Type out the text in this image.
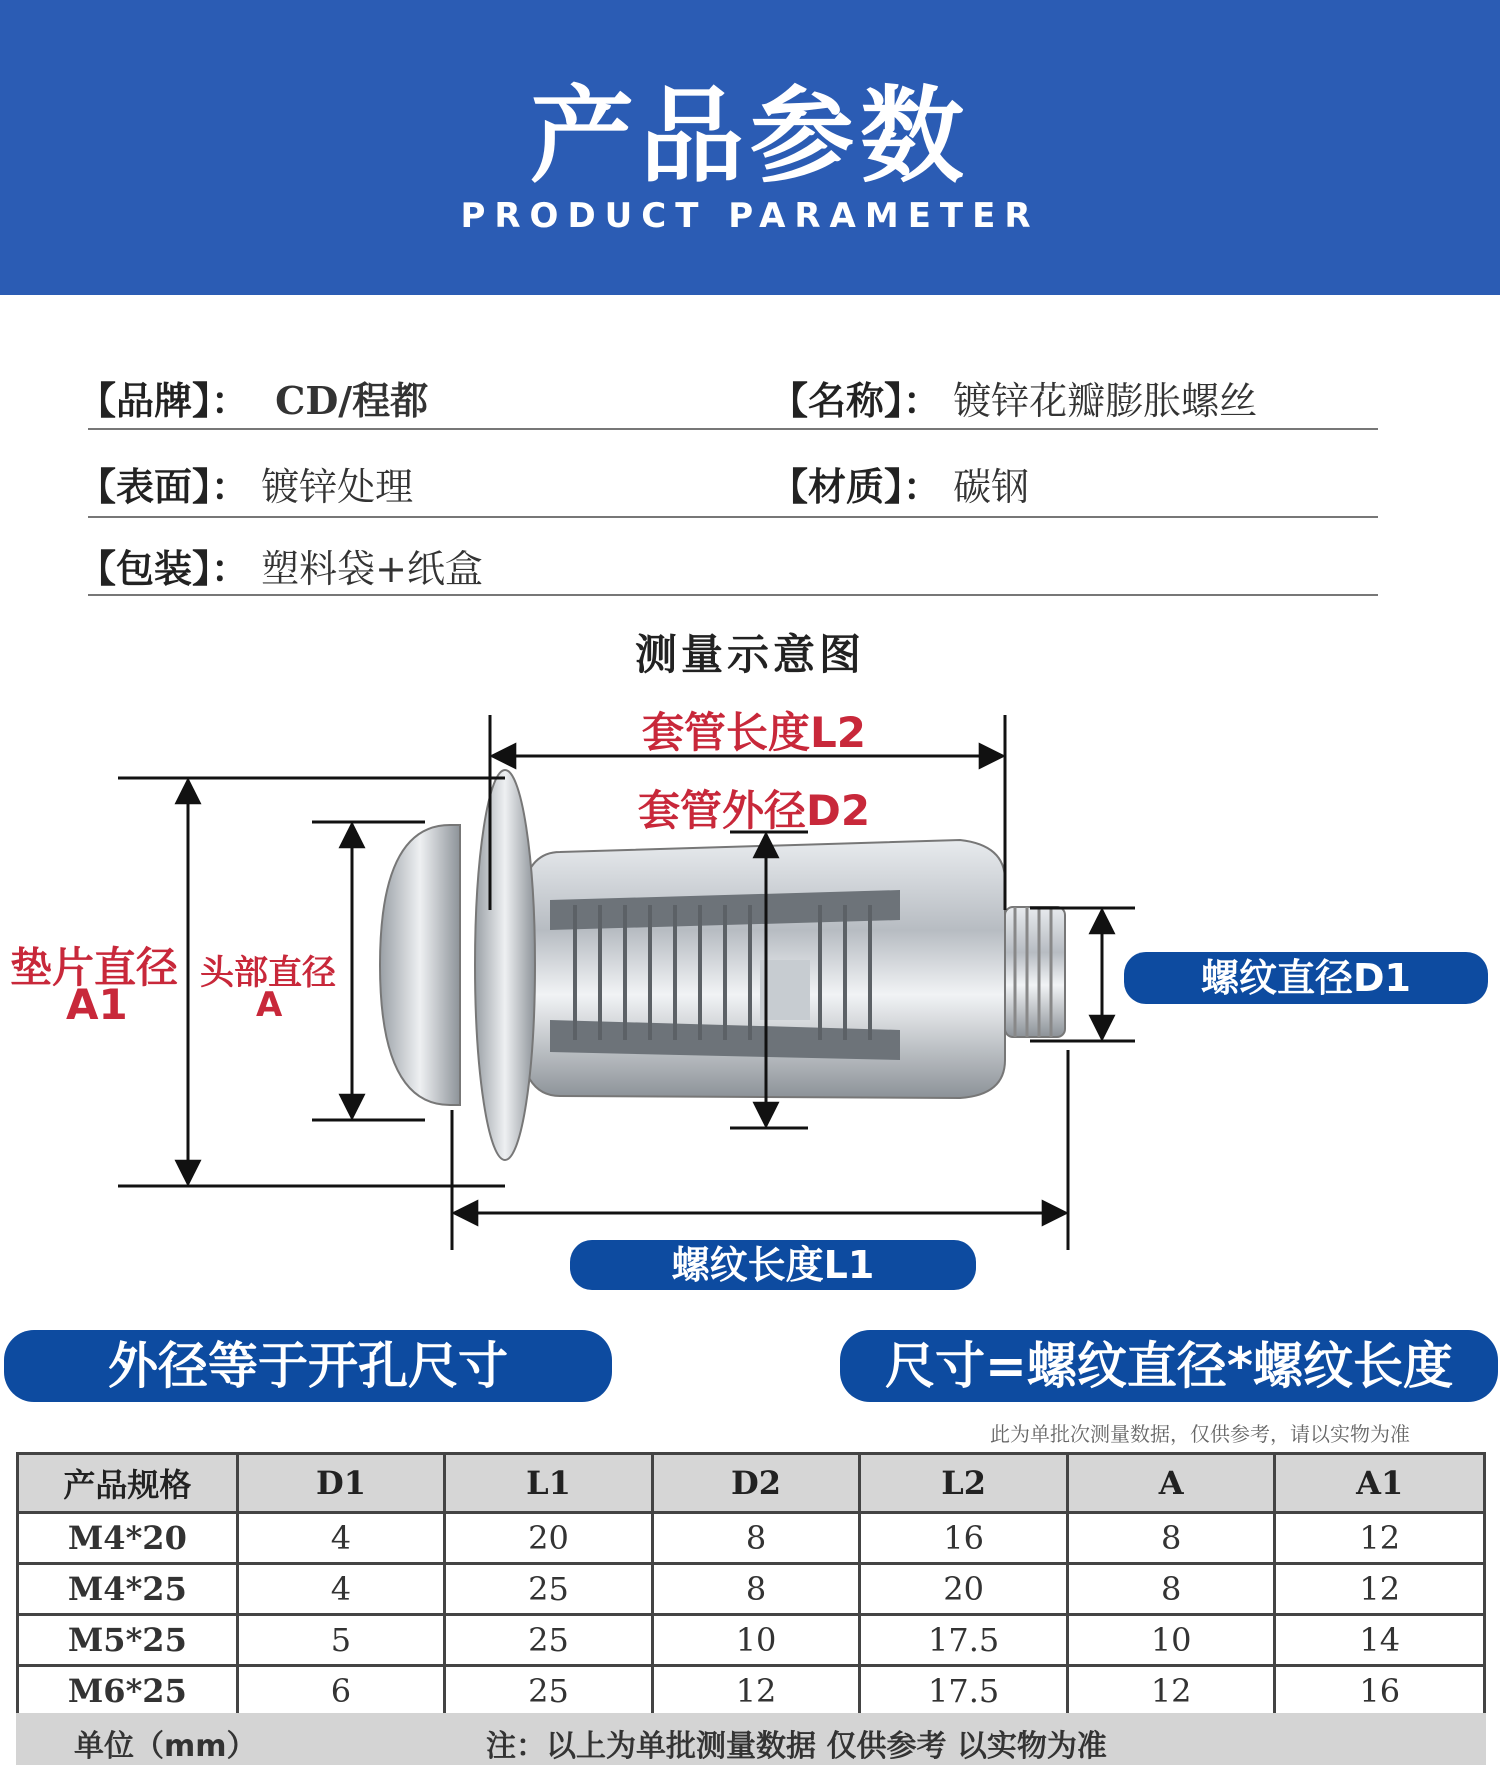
产品参数
PRODUCT PARAMETER
【品牌】： CD/程都	【名称】： 镀锌花瓣膨胀螺丝
【表面】： 镀锌处理	【材质】： 碳钢
【包装】： 塑料袋+纸盒
测量示意图
套管长度L2
套管外径D2
垫片直径
A1
头部直径
A
螺纹直径D1
螺纹长度L1
外径等于开孔尺寸	尺寸=螺纹直径*螺纹长度
此为单批次测量数据，仅供参考，请以实物为准
产品规格	D1	L1	D2	L2	A	A1
M4*20	4	20	8	16	8	12
M4*25	4	25	8	20	8	12
M5*25	5	25	10	17.5	10	14
M6*25	6	25	12	17.5	12	16
单位（mm）	注：以上为单批测量数据 仅供参考 以实物为准
